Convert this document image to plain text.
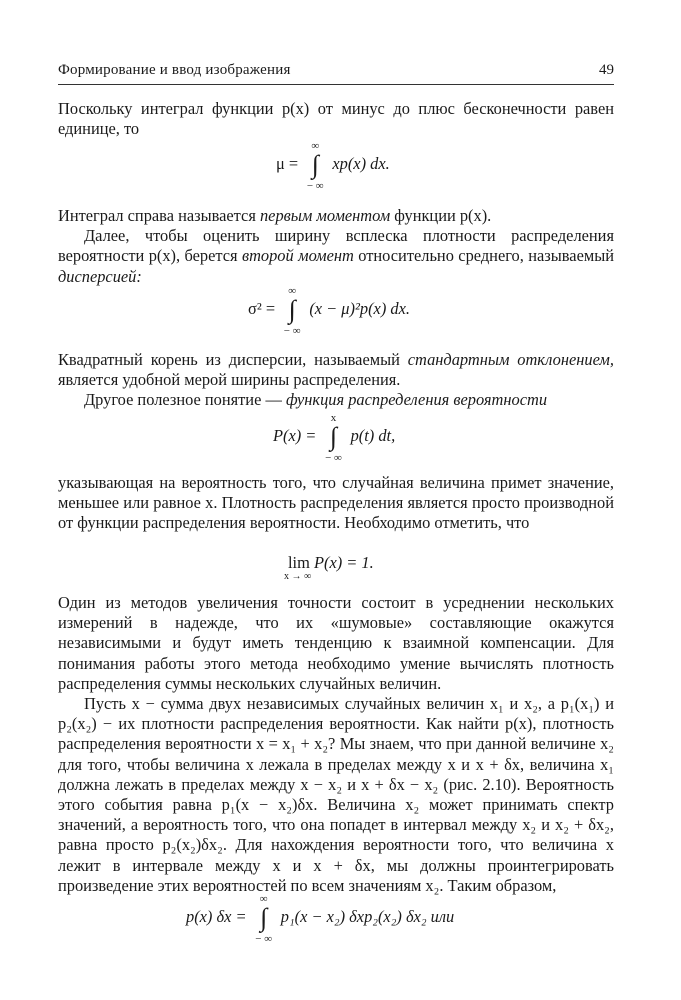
Формирование и ввод изображения	49

Поскольку интеграл функции p(x) от минус до плюс бесконечности равен единице, то

μ =
∞
∫
− ∞
xp(x) dx.

Интеграл справа называется первым моментом функции p(x).

Далее, чтобы оценить ширину всплеска плотности распределения вероятности p(x), берется второй момент относительно среднего, называемый дисперсией:

σ² =
∞
∫
− ∞
(x − μ)²p(x) dx.

Квадратный корень из дисперсии, называемый стандартным отклонением, является удобной мерой ширины распределения.

Другое полезное понятие — функция распределения вероятности

P(x) =
x
∫
− ∞
p(t) dt,

указывающая на вероятность того, что случайная величина примет значение, меньшее или равное x. Плотность распределения является просто производной от функции распределения вероятности. Необходимо отметить, что

lim
x → ∞
P(x) = 1.

Один из методов увеличения точности состоит в усреднении нескольких измерений в надежде, что их «шумовые» составляющие окажутся независимыми и будут иметь тенденцию к взаимной компенсации. Для понимания работы этого метода необходимо умение вычислять плотность распределения суммы нескольких случайных величин.

Пусть x − сумма двух независимых случайных величин x₁ и x₂, а p₁(x₁) и p₂(x₂) − их плотности распределения вероятности. Как найти p(x), плотность распределения вероятности x = x₁ + x₂? Мы знаем, что при данной величине x₂ для того, чтобы величина x лежала в пределах между x и x + δx, величина x₁ должна лежать в пределах между x − x₂ и x + δx − x₂ (рис. 2.10). Вероятность этого события равна p₁(x − x₂)δx. Величина x₂ может принимать спектр значений, а вероятность того, что она попадет в интервал между x₂ и x₂ + δx₂, равна просто p₂(x₂)δx₂. Для нахождения вероятности того, что величина x лежит в интервале между x и x + δx, мы должны проинтегрировать произведение этих вероятностей по всем значениям x₂. Таким образом,

p(x) δx =
∞
∫
− ∞
p₁(x − x₂) δxp₂(x₂) δx₂ или
